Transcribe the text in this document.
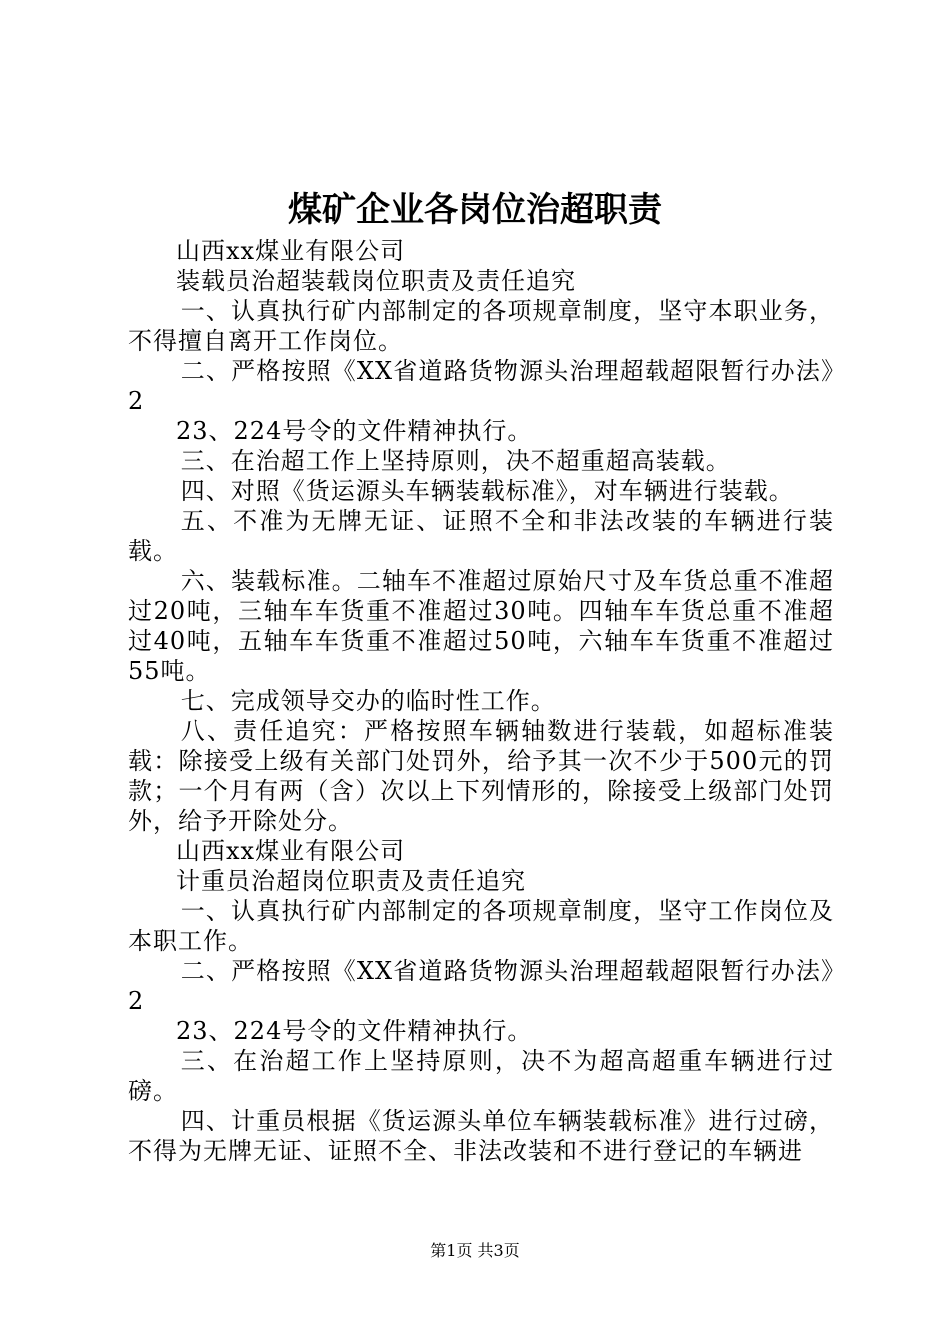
煤矿企业各岗位治超职责

山西xx煤业有限公司

装载员治超装载岗位职责及责任追究

一、认真执行矿内部制定的各项规章制度，坚守本职业务，不得擅自离开工作岗位。

二、严格按照《XX省道路货物源头治理超载超限暂行办法》2

23、224号令的文件精神执行。

三、在治超工作上坚持原则，决不超重超高装载。

四、对照《货运源头车辆装载标准》，对车辆进行装载。

五、不准为无牌无证、证照不全和非法改装的车辆进行装载。

六、装载标准。二轴车不准超过原始尺寸及车货总重不准超过20吨，三轴车车货重不准超过30吨。四轴车车货总重不准超过40吨，五轴车车货重不准超过50吨，六轴车车货重不准超过55吨。

七、完成领导交办的临时性工作。

八、责任追究：严格按照车辆轴数进行装载，如超标准装载：除接受上级有关部门处罚外，给予其一次不少于500元的罚款；一个月有两（含）次以上下列情形的，除接受上级部门处罚外，给予开除处分。

山西xx煤业有限公司

计重员治超岗位职责及责任追究

一、认真执行矿内部制定的各项规章制度，坚守工作岗位及本职工作。

二、严格按照《XX省道路货物源头治理超载超限暂行办法》2

23、224号令的文件精神执行。

三、在治超工作上坚持原则，决不为超高超重车辆进行过磅。

四、计重员根据《货运源头单位车辆装载标准》进行过磅，不得为无牌无证、证照不全、非法改装和不进行登记的车辆进

第1页 共3页
